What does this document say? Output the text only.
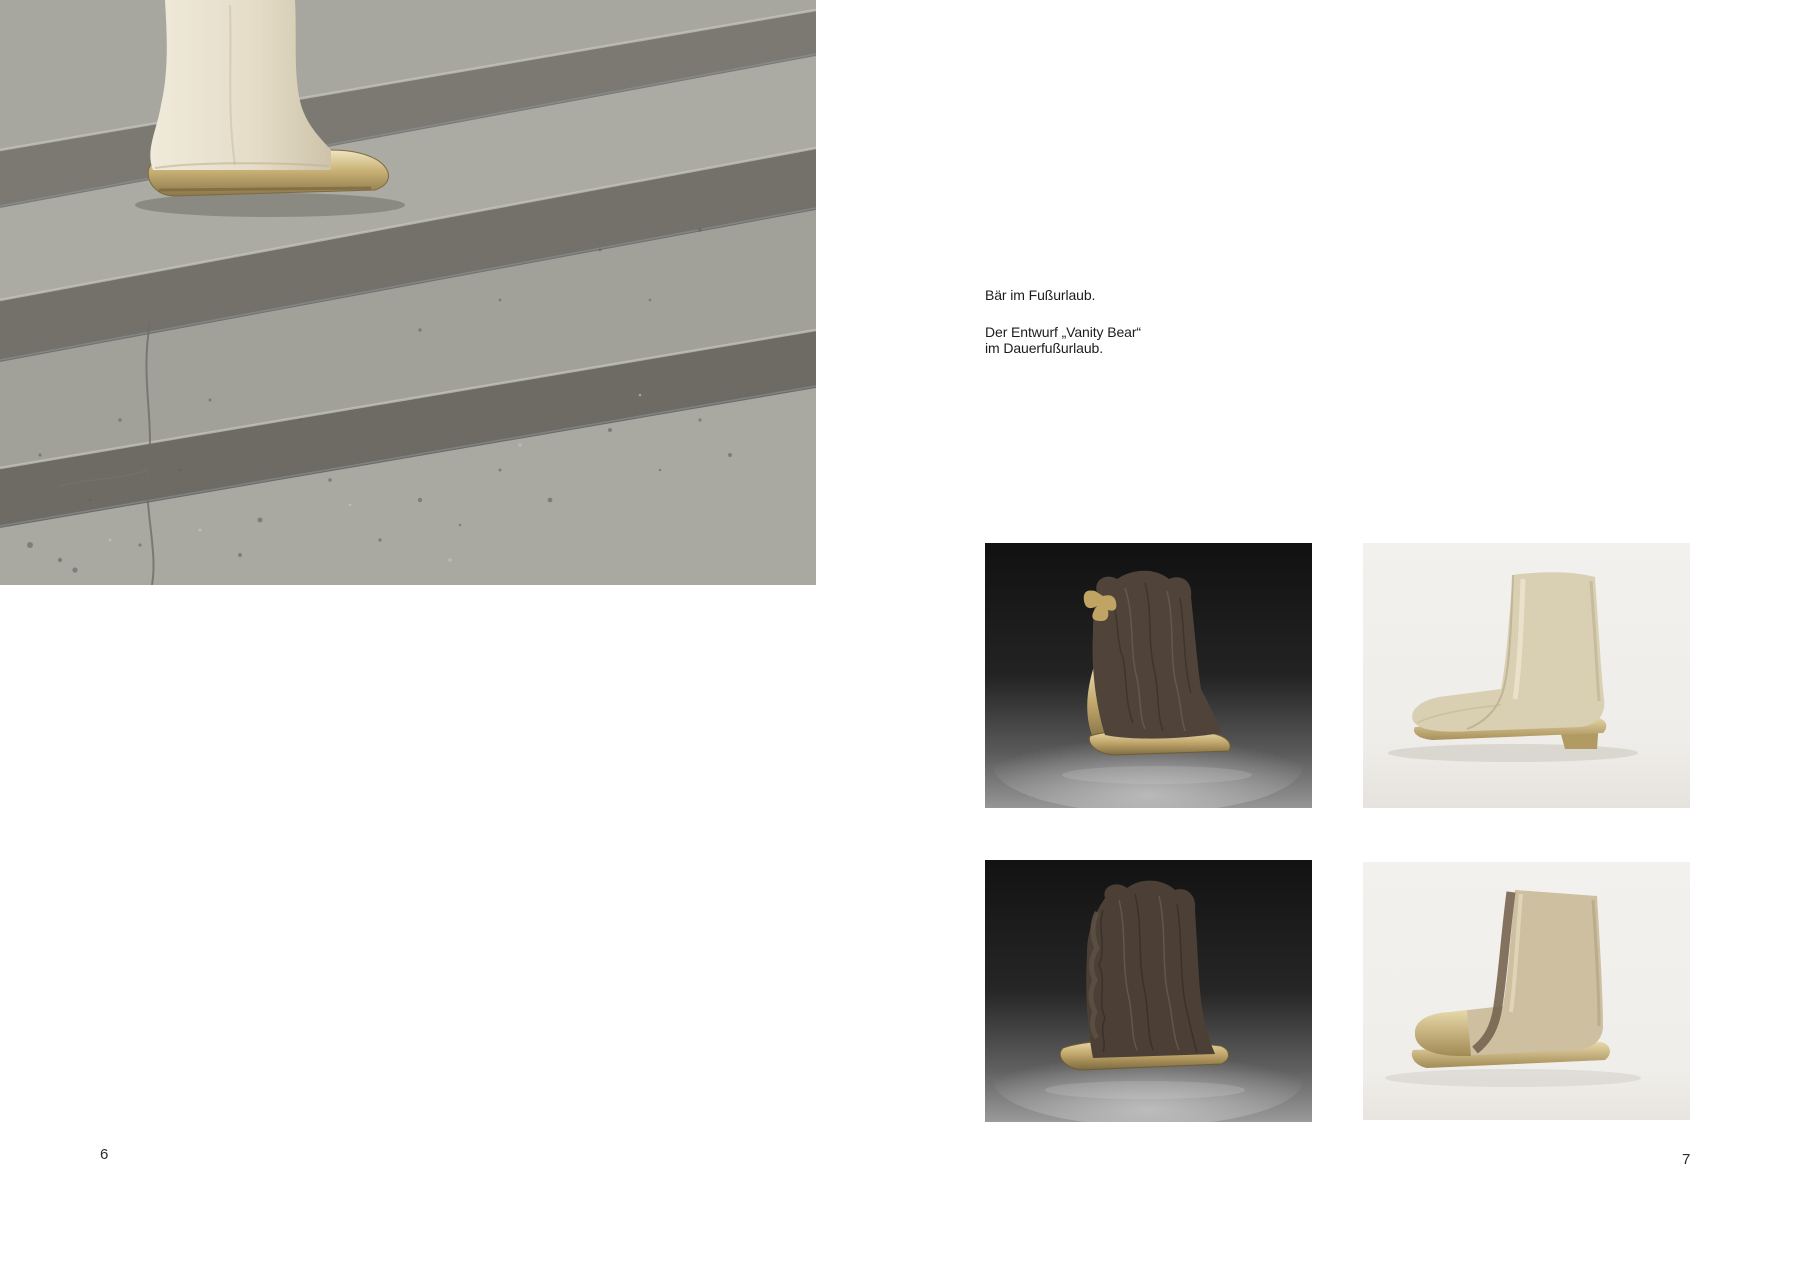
Bär im Fußurlaub.
Der Entwurf „Vanity Bear“
im Dauerfußurlaub.
6	7
